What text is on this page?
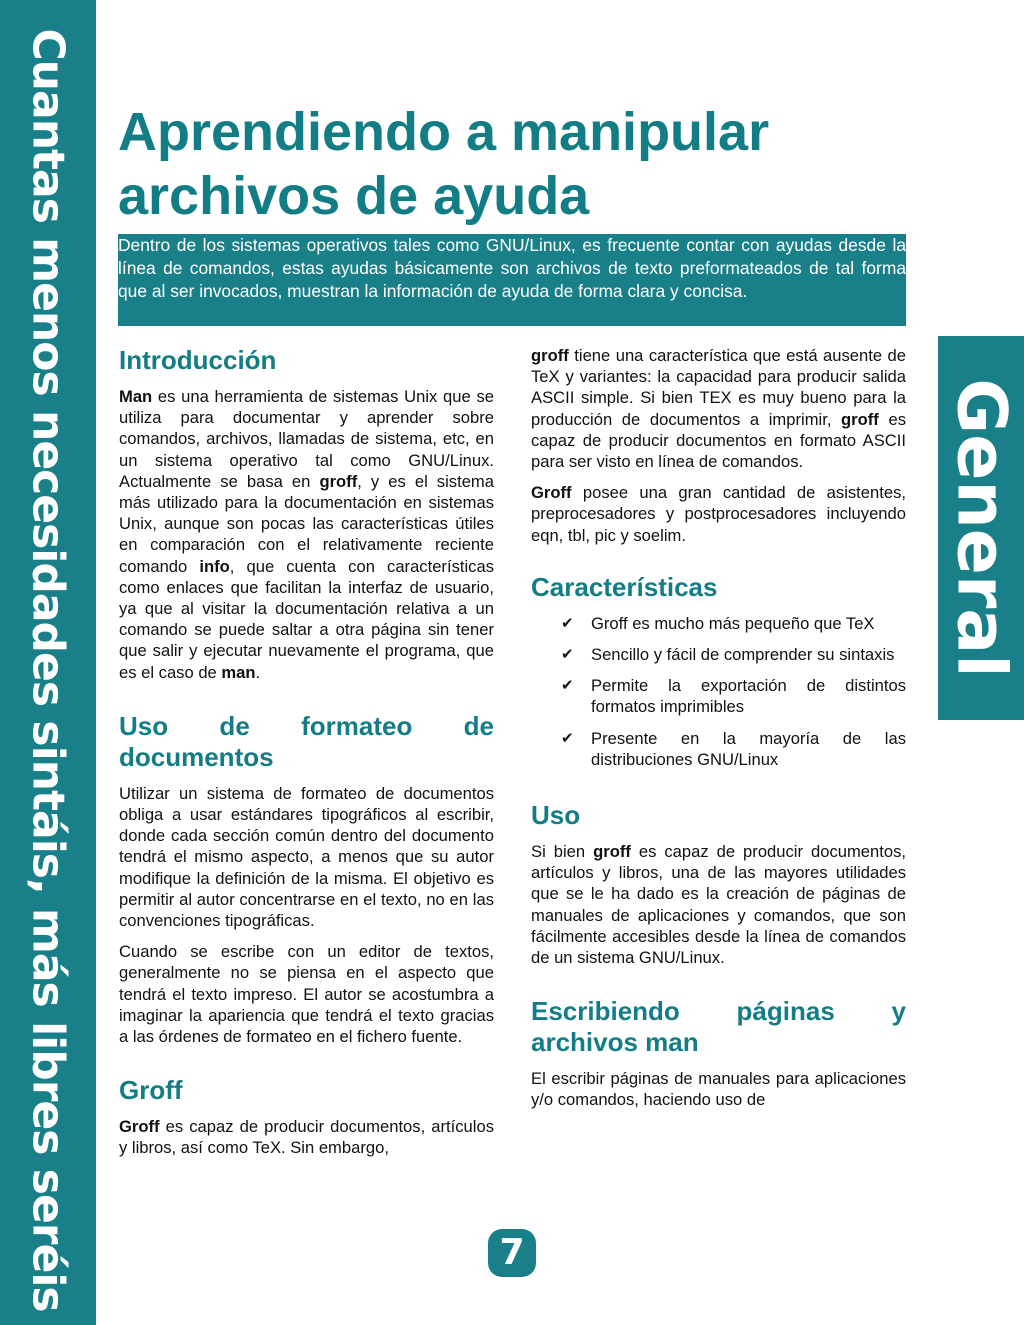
Cuantas menos necesidades sintáis, más libres seréis	General
Aprendiendo a manipular archivos de ayuda

Dentro de los sistemas operativos tales como GNU/Linux, es frecuente contar con ayudas desde la línea de comandos, estas ayudas básicamente son archivos de texto preformateados de tal forma que al ser invocados, muestran la información de ayuda de forma clara y concisa.

Introducción

Man es una herramienta de sistemas Unix que se utiliza para documentar y aprender sobre comandos, archivos, llamadas de sistema, etc, en un sistema operativo tal como GNU/Linux. Actualmente se basa en groff, y es el sistema más utilizado para la documentación en sistemas Unix, aunque son pocas las características útiles en comparación con el relativamente reciente comando info, que cuenta con características como enlaces que facilitan la interfaz de usuario, ya que al visitar la documentación relativa a un comando se puede saltar a otra página sin tener que salir y ejecutar nuevamente el programa, que es el caso de man.

Uso de formateo de documentos

Utilizar un sistema de formateo de documentos obliga a usar estándares tipográficos al escribir, donde cada sección común dentro del documento tendrá el mismo aspecto, a menos que su autor modifique la definición de la misma. El objetivo es permitir al autor concentrarse en el texto, no en las convenciones tipográficas.

Cuando se escribe con un editor de textos, generalmente no se piensa en el aspecto que tendrá el texto impreso. El autor se acostumbra a imaginar la apariencia que tendrá el texto gracias a las órdenes de formateo en el fichero fuente.

Groff

Groff es capaz de producir documentos, artículos y libros, así como TeX. Sin embargo,

groff tiene una característica que está ausente de TeX y variantes: la capacidad para producir salida ASCII simple. Si bien TEX es muy bueno para la producción de documentos a imprimir, groff es capaz de producir documentos en formato ASCII para ser visto en línea de comandos.

Groff posee una gran cantidad de asistentes, preprocesadores y postprocesadores incluyendo eqn, tbl, pic y soelim.

Características
✔ Groff es mucho más pequeño que TeX
✔ Sencillo y fácil de comprender su sintaxis
✔ Permite la exportación de distintos formatos imprimibles
✔ Presente en la mayoría de las distribuciones GNU/Linux
Uso

Si bien groff es capaz de producir documentos, artículos y libros, una de las mayores utilidades que se le ha dado es la creación de páginas de manuales de aplicaciones y comandos, que son fácilmente accesibles desde la línea de comandos de un sistema GNU/Linux.

Escribiendo páginas y archivos man

El escribir páginas de manuales para aplicaciones y/o comandos, haciendo uso de

7
